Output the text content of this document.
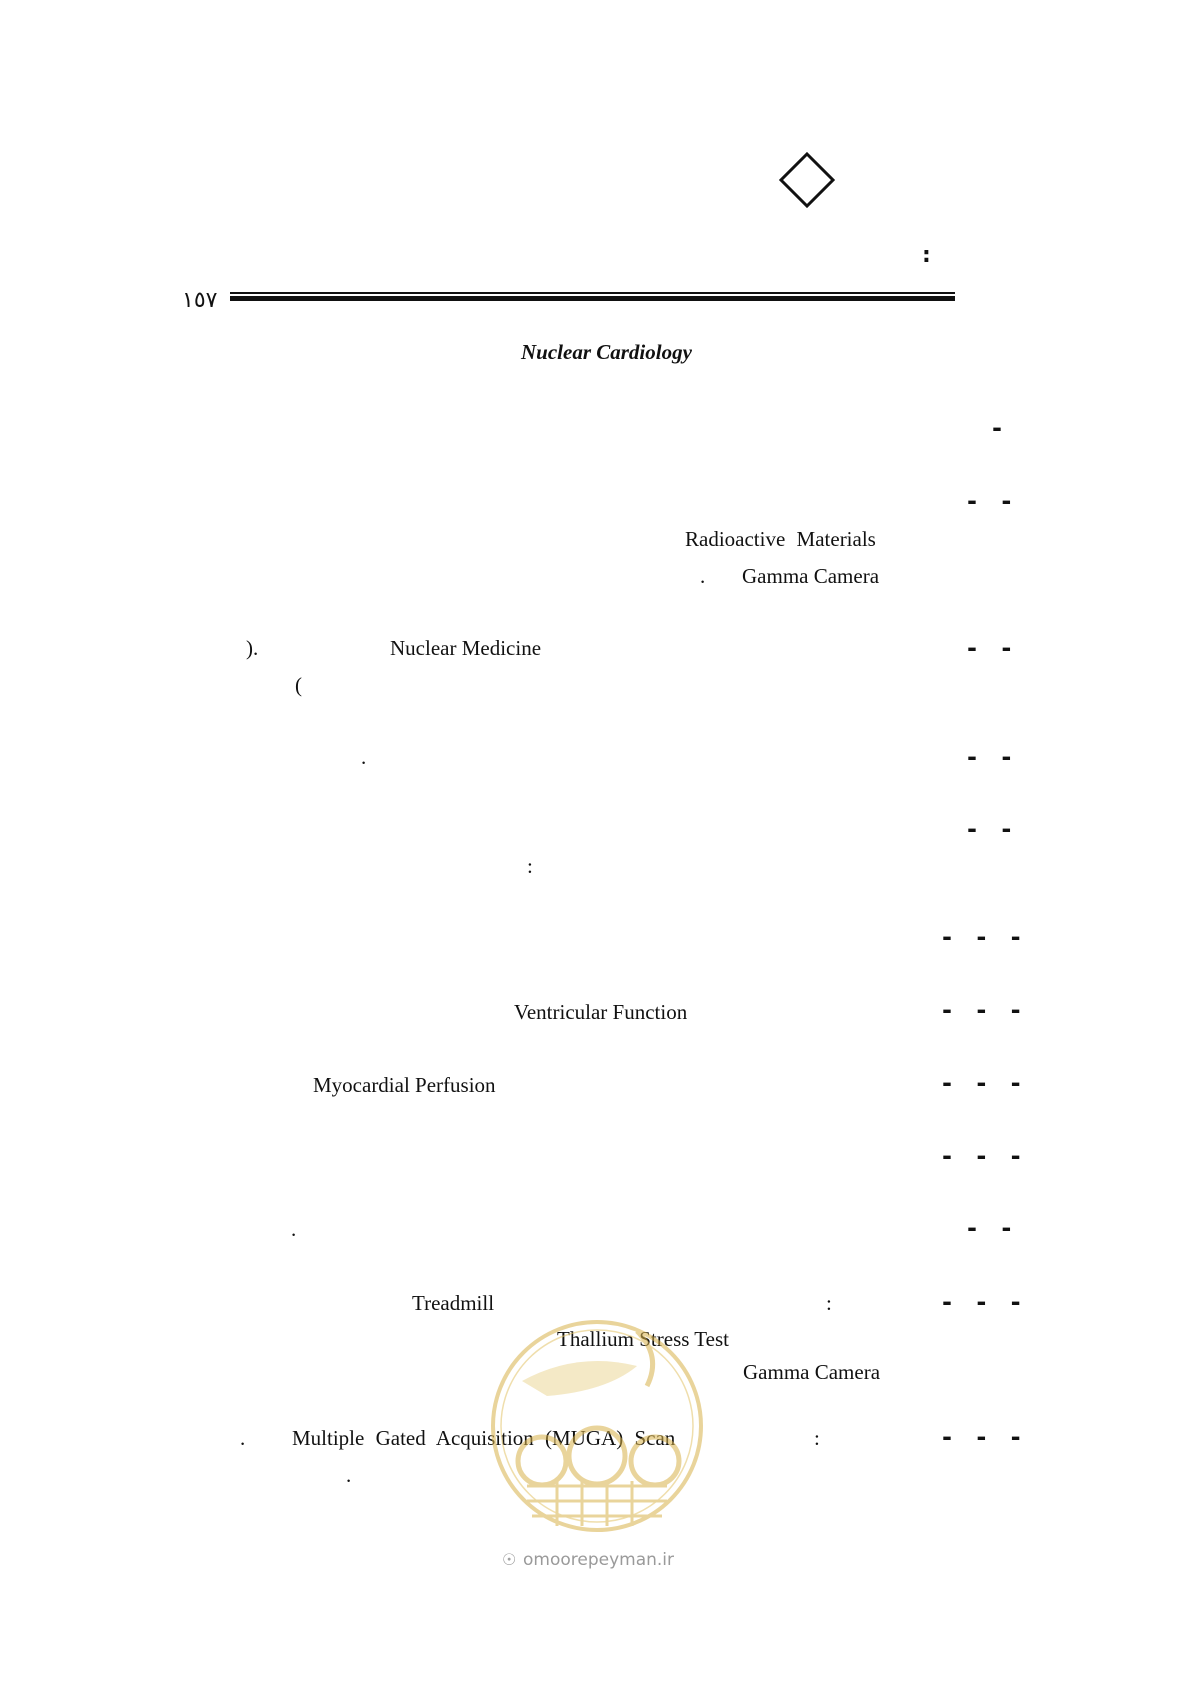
:
١٥٧
Nuclear Cardiology
-
- -
- -
- -
- -
- - -
- - -
- - -
- - -
- -
- - -
- - -
Radioactive Materials
. Gamma Camera
).	Nuclear Medicine
(
.
:
Ventricular Function
Myocardial Perfusion
.
Treadmill	:
Thallium Stress Test
Gamma Camera
. Multiple Gated Acquisition (MUGA) Scan	:
.
omoorepeyman.ir
☉
